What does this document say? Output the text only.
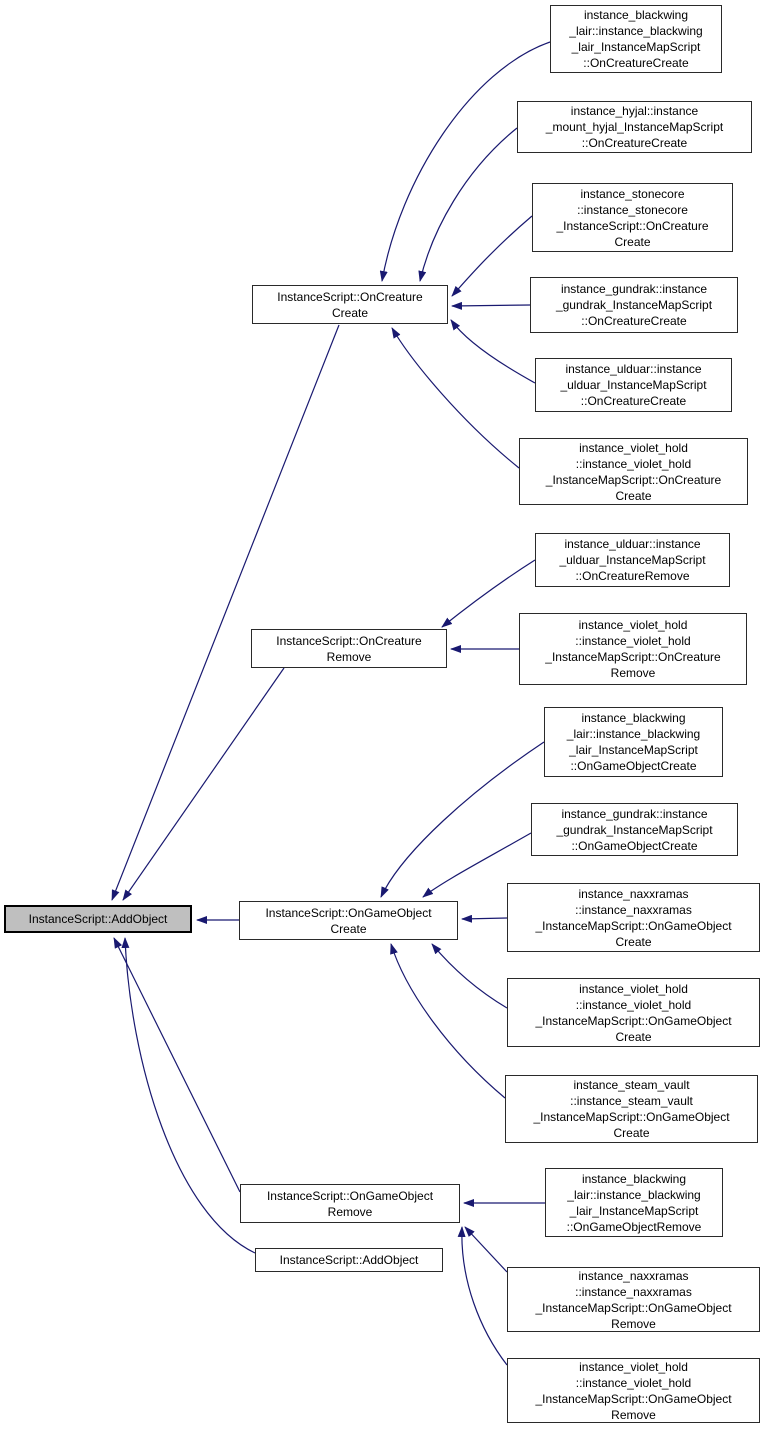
InstanceScript::AddObject
InstanceScript::OnCreature
Create
InstanceScript::OnCreature
Remove
InstanceScript::OnGameObject
Create
InstanceScript::OnGameObject
Remove
InstanceScript::AddObject
instance_blackwing
_lair::instance_blackwing
_lair_InstanceMapScript
::OnCreatureCreate
instance_hyjal::instance
_mount_hyjal_InstanceMapScript
::OnCreatureCreate
instance_stonecore
::instance_stonecore
_InstanceScript::OnCreature
Create
instance_gundrak::instance
_gundrak_InstanceMapScript
::OnCreatureCreate
instance_ulduar::instance
_ulduar_InstanceMapScript
::OnCreatureCreate
instance_violet_hold
::instance_violet_hold
_InstanceMapScript::OnCreature
Create
instance_ulduar::instance
_ulduar_InstanceMapScript
::OnCreatureRemove
instance_violet_hold
::instance_violet_hold
_InstanceMapScript::OnCreature
Remove
instance_blackwing
_lair::instance_blackwing
_lair_InstanceMapScript
::OnGameObjectCreate
instance_gundrak::instance
_gundrak_InstanceMapScript
::OnGameObjectCreate
instance_naxxramas
::instance_naxxramas
_InstanceMapScript::OnGameObject
Create
instance_violet_hold
::instance_violet_hold
_InstanceMapScript::OnGameObject
Create
instance_steam_vault
::instance_steam_vault
_InstanceMapScript::OnGameObject
Create
instance_blackwing
_lair::instance_blackwing
_lair_InstanceMapScript
::OnGameObjectRemove
instance_naxxramas
::instance_naxxramas
_InstanceMapScript::OnGameObject
Remove
instance_violet_hold
::instance_violet_hold
_InstanceMapScript::OnGameObject
Remove
